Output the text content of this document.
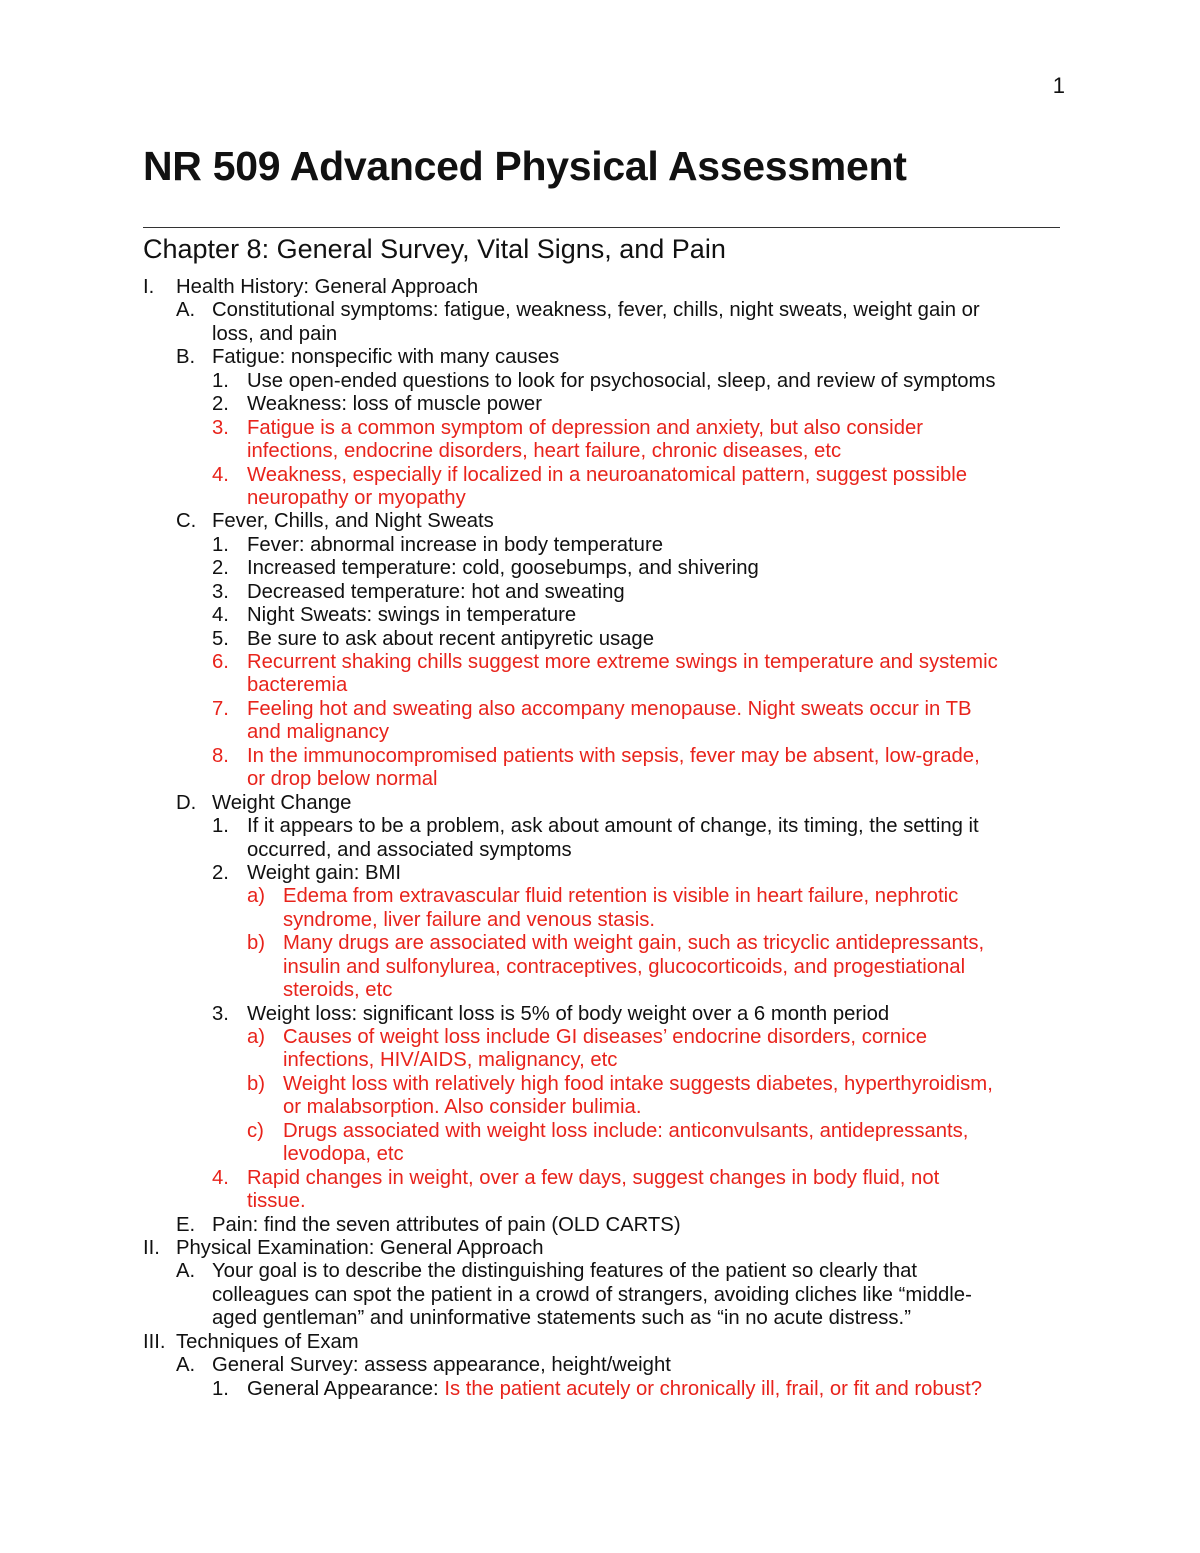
1
NR 509 Advanced Physical Assessment
Chapter 8: General Survey, Vital Signs, and Pain
I. Health History: General Approach
A. Constitutional symptoms: fatigue, weakness, fever, chills, night sweats, weight gain or
loss, and pain
B. Fatigue: nonspecific with many causes
1. Use open-ended questions to look for psychosocial, sleep, and review of symptoms
2. Weakness: loss of muscle power
3. Fatigue is a common symptom of depression and anxiety, but also consider
infections, endocrine disorders, heart failure, chronic diseases, etc
4. Weakness, especially if localized in a neuroanatomical pattern, suggest possible
neuropathy or myopathy
C. Fever, Chills, and Night Sweats
1. Fever: abnormal increase in body temperature
2. Increased temperature: cold, goosebumps, and shivering
3. Decreased temperature: hot and sweating
4. Night Sweats: swings in temperature
5. Be sure to ask about recent antipyretic usage
6. Recurrent shaking chills suggest more extreme swings in temperature and systemic
bacteremia
7. Feeling hot and sweating also accompany menopause. Night sweats occur in TB
and malignancy
8. In the immunocompromised patients with sepsis, fever may be absent, low-grade,
or drop below normal
D. Weight Change
1. If it appears to be a problem, ask about amount of change, its timing, the setting it
occurred, and associated symptoms
2. Weight gain: BMI
a) Edema from extravascular fluid retention is visible in heart failure, nephrotic
syndrome, liver failure and venous stasis.
b) Many drugs are associated with weight gain, such as tricyclic antidepressants,
insulin and sulfonylurea, contraceptives, glucocorticoids, and progestiational
steroids, etc
3. Weight loss: significant loss is 5% of body weight over a 6 month period
a) Causes of weight loss include GI diseases’ endocrine disorders, cornice
infections, HIV/AIDS, malignancy, etc
b) Weight loss with relatively high food intake suggests diabetes, hyperthyroidism,
or malabsorption. Also consider bulimia.
c) Drugs associated with weight loss include: anticonvulsants, antidepressants,
levodopa, etc
4. Rapid changes in weight, over a few days, suggest changes in body fluid, not
tissue.
E. Pain: find the seven attributes of pain (OLD CARTS)
II. Physical Examination: General Approach
A. Your goal is to describe the distinguishing features of the patient so clearly that
colleagues can spot the patient in a crowd of strangers, avoiding cliches like “middle-
aged gentleman” and uninformative statements such as “in no acute distress.”
III. Techniques of Exam
A. General Survey: assess appearance, height/weight
1. General Appearance: Is the patient acutely or chronically ill, frail, or fit and robust?
